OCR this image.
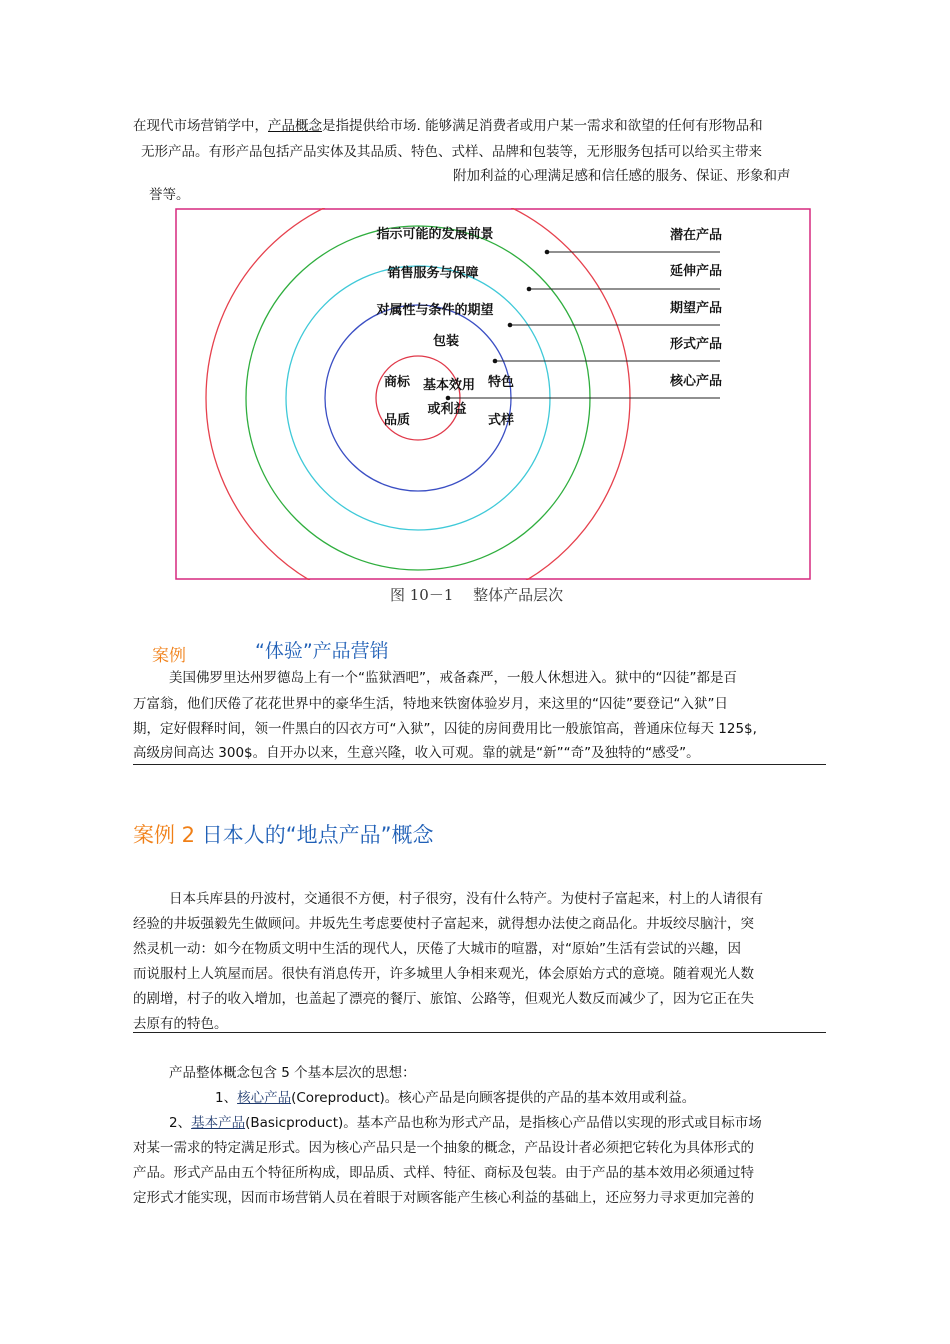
在现代市场营销学中，产品概念是指提供给市场. 能够满足消费者或用户某一需求和欲望的任何有形物品和
无形产品。有形产品包括产品实体及其品质、特色、式样、品牌和包装等，无形服务包括可以给买主带来
附加利益的心理满足感和信任感的服务、保证、形象和声
誉等。
指示可能的发展前景
销售服务与保障
对属性与条件的期望
包装
商标	特色
品质	式样
基本效用
或利益
潜在产品
延伸产品
期望产品
形式产品
核心产品
图 10－1　 整体产品层次
案例	“体验”产品营销
美国佛罗里达州罗德岛上有一个“监狱酒吧”，戒备森严，一般人休想进入。狱中的“囚徒”都是百
万富翁，他们厌倦了花花世界中的豪华生活，特地来铁窗体验岁月，来这里的“囚徒”要登记“入狱”日
期，定好假释时间，领一件黑白的囚衣方可“入狱”，囚徒的房间费用比一般旅馆高，普通床位每天 125$,
高级房间高达 300$。自开办以来，生意兴隆，收入可观。靠的就是“新”“奇”及独特的“感受”。
案例 2 日本人的“地点产品”概念
日本兵库县的丹波村，交通很不方便，村子很穷，没有什么特产。为使村子富起来，村上的人请很有
经验的井坂强毅先生做顾问。井坂先生考虑要使村子富起来，就得想办法使之商品化。井坂绞尽脑汁，突
然灵机一动：如今在物质文明中生活的现代人，厌倦了大城市的喧嚣，对“原始”生活有尝试的兴趣，因
而说服村上人筑屋而居。很快有消息传开，许多城里人争相来观光，体会原始方式的意境。随着观光人数
的剧增，村子的收入增加，也盖起了漂亮的餐厅、旅馆、公路等，但观光人数反而减少了，因为它正在失
去原有的特色。
产品整体概念包含 5 个基本层次的思想：
1、核心产品(Coreproduct)。核心产品是向顾客提供的产品的基本效用或利益。
2、基本产品(Basicproduct)。基本产品也称为形式产品，是指核心产品借以实现的形式或目标市场
对某一需求的特定满足形式。因为核心产品只是一个抽象的概念，产品设计者必须把它转化为具体形式的
产品。形式产品由五个特征所构成，即品质、式样、特征、商标及包装。由于产品的基本效用必须通过特
定形式才能实现，因而市场营销人员在着眼于对顾客能产生核心利益的基础上，还应努力寻求更加完善的
